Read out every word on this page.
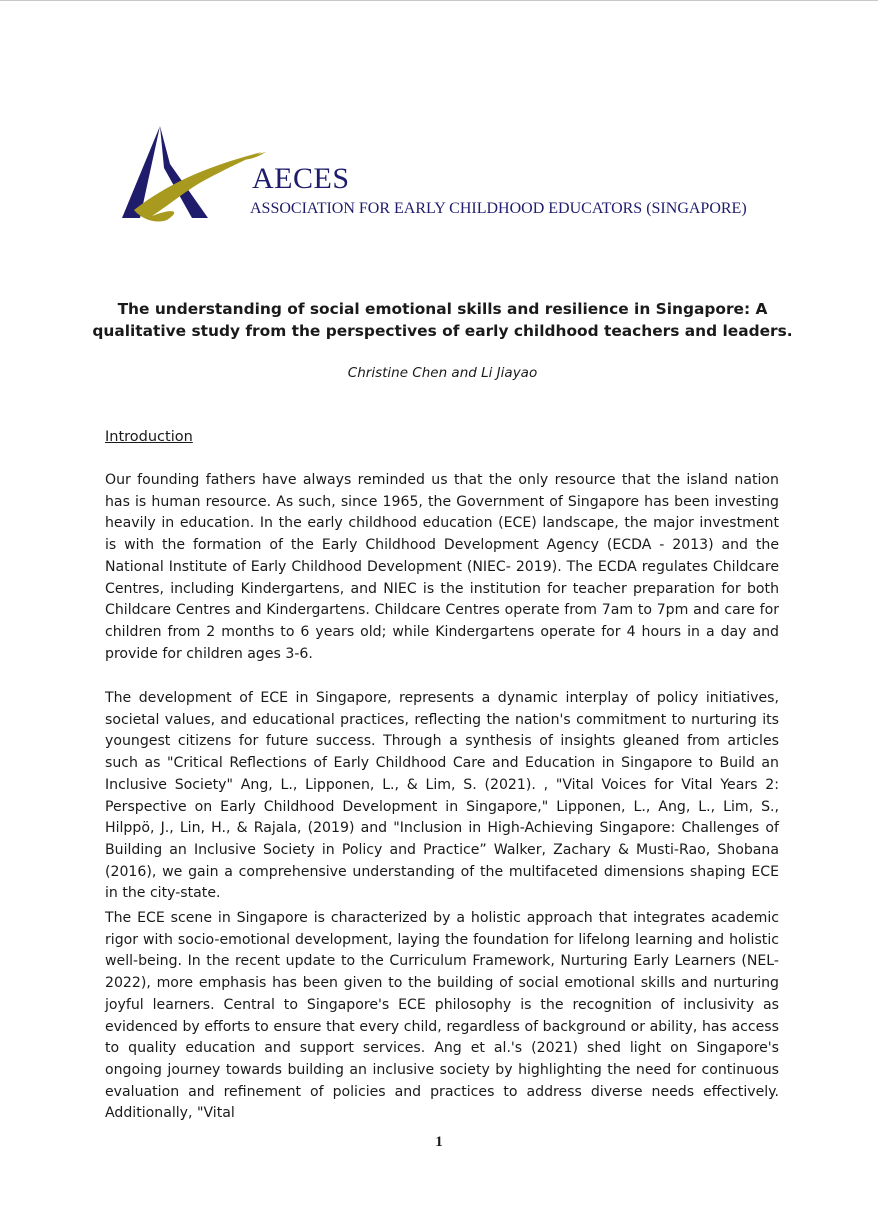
AECES
ASSOCIATION FOR EARLY CHILDHOOD EDUCATORS (SINGAPORE)
The understanding of social emotional skills and resilience in Singapore: A qualitative study from the perspectives of early childhood teachers and leaders.
Christine Chen and Li Jiayao
Introduction

Our founding fathers have always reminded us that the only resource that the island nation has is human resource. As such, since 1965, the Government of Singapore has been investing heavily in education. In the early childhood education (ECE) landscape, the major investment is with the formation of the Early Childhood Development Agency (ECDA - 2013) and the National Institute of Early Childhood Development (NIEC- 2019). The ECDA regulates Childcare Centres, including Kindergartens, and NIEC is the institution for teacher preparation for both Childcare Centres and Kindergartens. Childcare Centres operate from 7am to 7pm and care for children from 2 months to 6 years old; while Kindergartens operate for 4 hours in a day and provide for children ages 3-6.

The development of ECE in Singapore, represents a dynamic interplay of policy initiatives, societal values, and educational practices, reflecting the nation's commitment to nurturing its youngest citizens for future success. Through a synthesis of insights gleaned from articles such as "Critical Reflections of Early Childhood Care and Education in Singapore to Build an Inclusive Society" Ang, L., Lipponen, L., & Lim, S. (2021). , "Vital Voices for Vital Years 2: Perspective on Early Childhood Development in Singapore," Lipponen, L., Ang, L., Lim, S., Hilppö, J., Lin, H., & Rajala, (2019) and "Inclusion in High-Achieving Singapore: Challenges of Building an Inclusive Society in Policy and Practice” Walker, Zachary & Musti-Rao, Shobana (2016), we gain a comprehensive understanding of the multifaceted dimensions shaping ECE in the city-state.

The ECE scene in Singapore is characterized by a holistic approach that integrates academic rigor with socio-emotional development, laying the foundation for lifelong learning and holistic well-being. In the recent update to the Curriculum Framework, Nurturing Early Learners (NEL-2022), more emphasis has been given to the building of social emotional skills and nurturing joyful learners. Central to Singapore's ECE philosophy is the recognition of inclusivity as evidenced by efforts to ensure that every child, regardless of background or ability, has access to quality education and support services. Ang et al.'s (2021) shed light on Singapore's ongoing journey towards building an inclusive society by highlighting the need for continuous evaluation and refinement of policies and practices to address diverse needs effectively. Additionally, "Vital

1
